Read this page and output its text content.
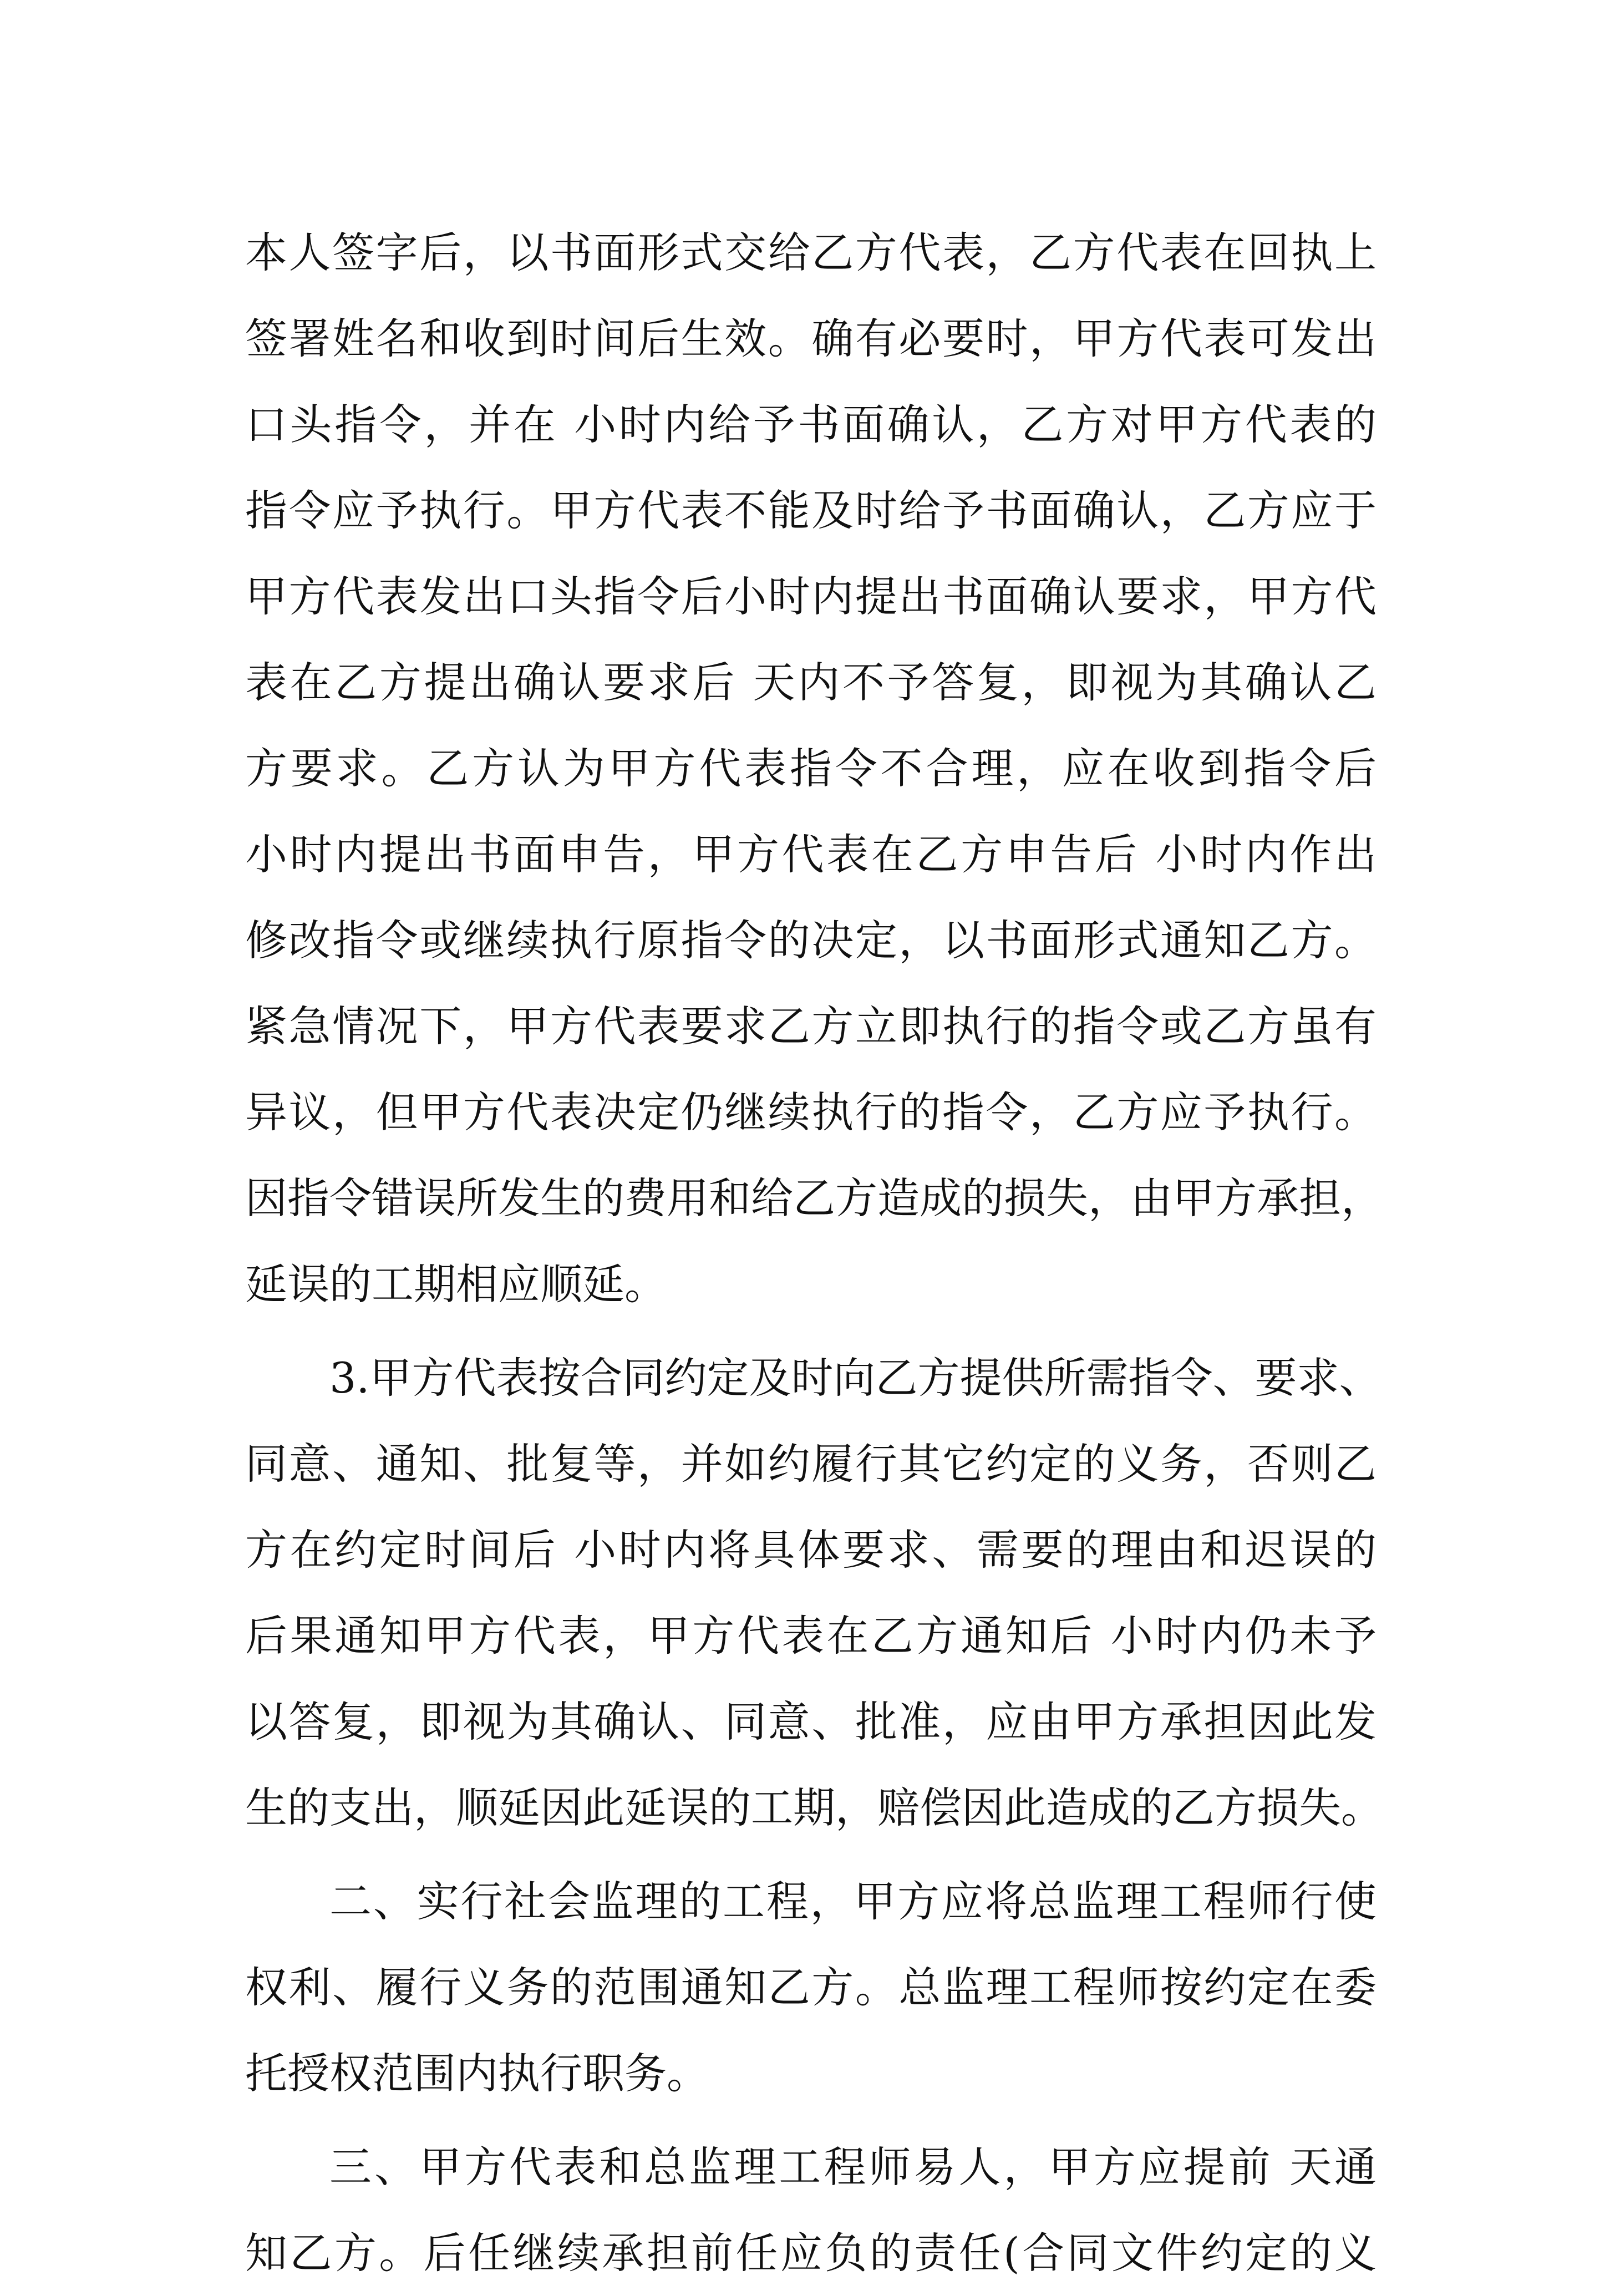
本人签字后，以书面形式交给乙方代表，乙方代表在回执上
签署姓名和收到时间后生效。确有必要时，甲方代表可发出
口头指令，并在 小时内给予书面确认，乙方对甲方代表的
指令应予执行。甲方代表不能及时给予书面确认，乙方应于
甲方代表发出口头指令后小时内提出书面确认要求，甲方代
表在乙方提出确认要求后 天内不予答复，即视为其确认乙
方要求。乙方认为甲方代表指令不合理，应在收到指令后
小时内提出书面申告，甲方代表在乙方申告后 小时内作出
修改指令或继续执行原指令的决定，以书面形式通知乙方。
紧急情况下，甲方代表要求乙方立即执行的指令或乙方虽有
异议，但甲方代表决定仍继续执行的指令，乙方应予执行。
因指令错误所发生的费用和给乙方造成的损失，由甲方承担，
延误的工期相应顺延。
3.甲方代表按合同约定及时向乙方提供所需指令、要求、
同意、通知、批复等，并如约履行其它约定的义务，否则乙
方在约定时间后 小时内将具体要求、需要的理由和迟误的
后果通知甲方代表，甲方代表在乙方通知后 小时内仍未予
以答复，即视为其确认、同意、批准，应由甲方承担因此发
生的支出，顺延因此延误的工期，赔偿因此造成的乙方损失。
二、实行社会监理的工程，甲方应将总监理工程师行使
权利、履行义务的范围通知乙方。总监理工程师按约定在委
托授权范围内执行职务。
三、甲方代表和总监理工程师易人，甲方应提前 天通
知乙方。后任继续承担前任应负的责任(合同文件约定的义
